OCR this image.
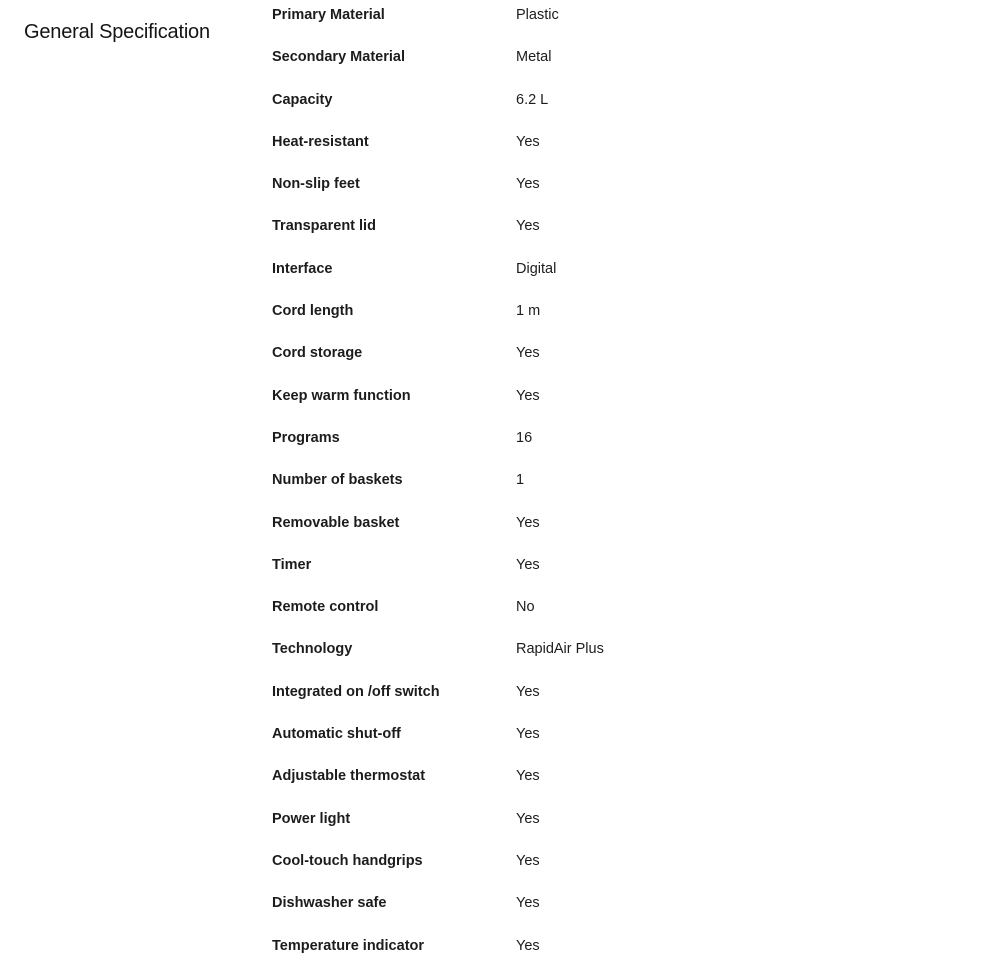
General Specification
Primary Material	Plastic
Secondary Material	Metal
Capacity	6.2 L
Heat-resistant	Yes
Non-slip feet	Yes
Transparent lid	Yes
Interface	Digital
Cord length	1 m
Cord storage	Yes
Keep warm function	Yes
Programs	16
Number of baskets	1
Removable basket	Yes
Timer	Yes
Remote control	No
Technology	RapidAir Plus
Integrated on /off switch	Yes
Automatic shut-off	Yes
Adjustable thermostat	Yes
Power light	Yes
Cool-touch handgrips	Yes
Dishwasher safe	Yes
Temperature indicator	Yes
